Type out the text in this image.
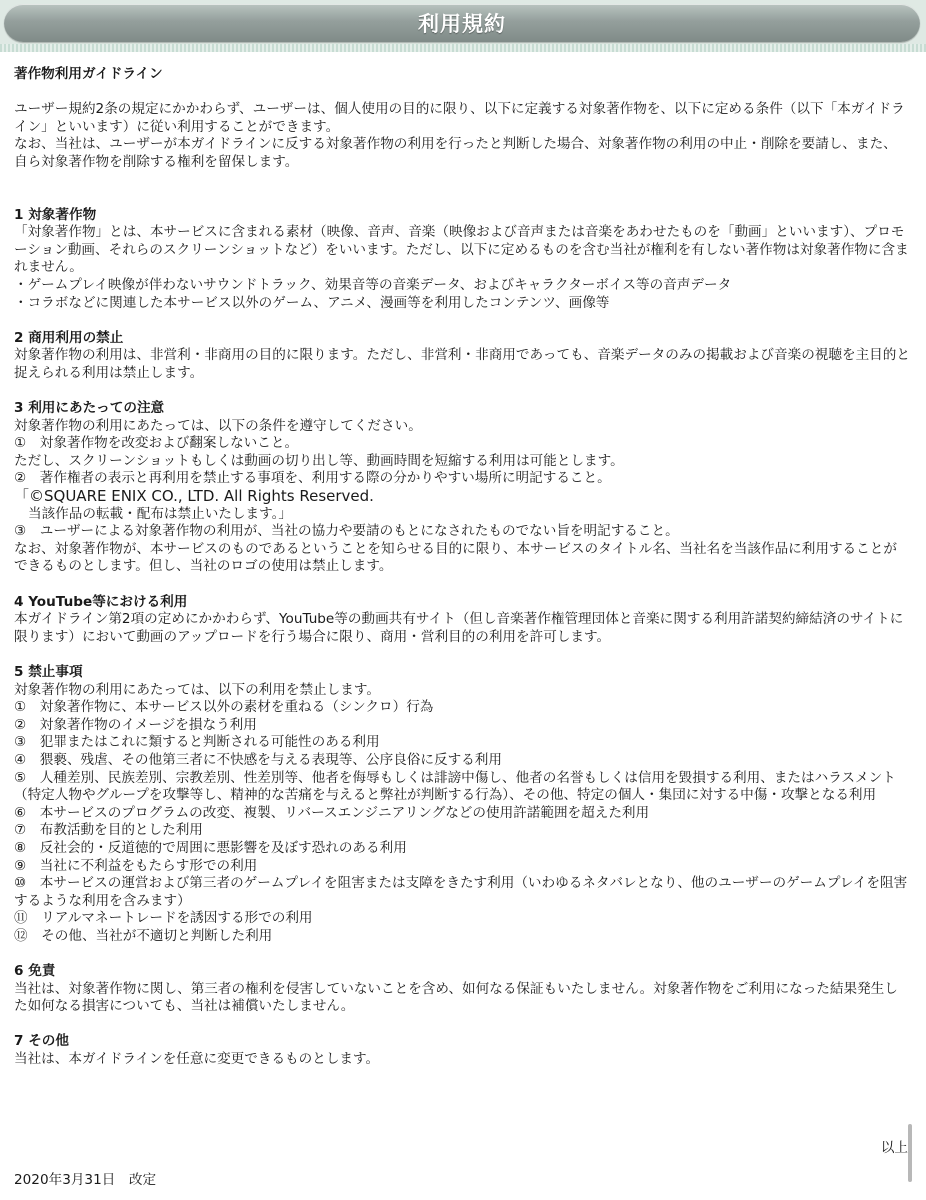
利用規約

著作物利用ガイドライン

ユーザー規約2条の規定にかかわらず、ユーザーは、個人使用の目的に限り、以下に定義する対象著作物を、以下に定める条件（以下「本ガイドライン」といいます）に従い利用することができます。

なお、当社は、ユーザーが本ガイドラインに反する対象著作物の利用を行ったと判断した場合、対象著作物の利用の中止・削除を要請し、また、自ら対象著作物を削除する権利を留保します。

1 対象著作物

「対象著作物」とは、本サービスに含まれる素材（映像、音声、音楽（映像および音声または音楽をあわせたものを「動画」といいます）、プロモーション動画、それらのスクリーンショットなど）をいいます。ただし、以下に定めるものを含む当社が権利を有しない著作物は対象著作物に含まれません。

・ゲームプレイ映像が伴わないサウンドトラック、効果音等の音楽データ、およびキャラクターボイス等の音声データ

・コラボなどに関連した本サービス以外のゲーム、アニメ、漫画等を利用したコンテンツ、画像等

2 商用利用の禁止

対象著作物の利用は、非営利・非商用の目的に限ります。ただし、非営利・非商用であっても、音楽データのみの掲載および音楽の視聴を主目的と捉えられる利用は禁止します。

3 利用にあたっての注意

対象著作物の利用にあたっては、以下の条件を遵守してください。

①　対象著作物を改変および翻案しないこと。

ただし、スクリーンショットもしくは動画の切り出し等、動画時間を短縮する利用は可能とします。

②　著作権者の表示と再利用を禁止する事項を、利用する際の分かりやすい場所に明記すること。

「©SQUARE ENIX CO., LTD. All Rights Reserved.

当該作品の転載・配布は禁止いたします。」

③　ユーザーによる対象著作物の利用が、当社の協力や要請のもとになされたものでない旨を明記すること。

なお、対象著作物が、本サービスのものであるということを知らせる目的に限り、本サービスのタイトル名、当社名を当該作品に利用することができるものとします。但し、当社のロゴの使用は禁止します。

4 YouTube等における利用

本ガイドライン第2項の定めにかかわらず、YouTube等の動画共有サイト（但し音楽著作権管理団体と音楽に関する利用許諾契約締結済のサイトに限ります）において動画のアップロードを行う場合に限り、商用・営利目的の利用を許可します。

5 禁止事項

対象著作物の利用にあたっては、以下の利用を禁止します。

①　対象著作物に、本サービス以外の素材を重ねる（シンクロ）行為

②　対象著作物のイメージを損なう利用

③　犯罪またはこれに類すると判断される可能性のある利用

④　猥褻、残虐、その他第三者に不快感を与える表現等、公序良俗に反する利用

⑤　人種差別、民族差別、宗教差別、性差別等、他者を侮辱もしくは誹謗中傷し、他者の名誉もしくは信用を毀損する利用、またはハラスメント（特定人物やグループを攻撃等し、精神的な苦痛を与えると弊社が判断する行為）、その他、特定の個人・集団に対する中傷・攻撃となる利用

⑥　本サービスのプログラムの改変、複製、リバースエンジニアリングなどの使用許諾範囲を超えた利用

⑦　布教活動を目的とした利用

⑧　反社会的・反道徳的で周囲に悪影響を及ぼす恐れのある利用

⑨　当社に不利益をもたらす形での利用

⑩　本サービスの運営および第三者のゲームプレイを阻害または支障をきたす利用（いわゆるネタバレとなり、他のユーザーのゲームプレイを阻害するような利用を含みます）

⑪　リアルマネートレードを誘因する形での利用

⑫　その他、当社が不適切と判断した利用

6 免責

当社は、対象著作物に関し、第三者の権利を侵害していないことを含め、如何なる保証もいたしません。対象著作物をご利用になった結果発生した如何なる損害についても、当社は補償いたしません。

7 その他

当社は、本ガイドラインを任意に変更できるものとします。

以上
2020年3月31日　改定
